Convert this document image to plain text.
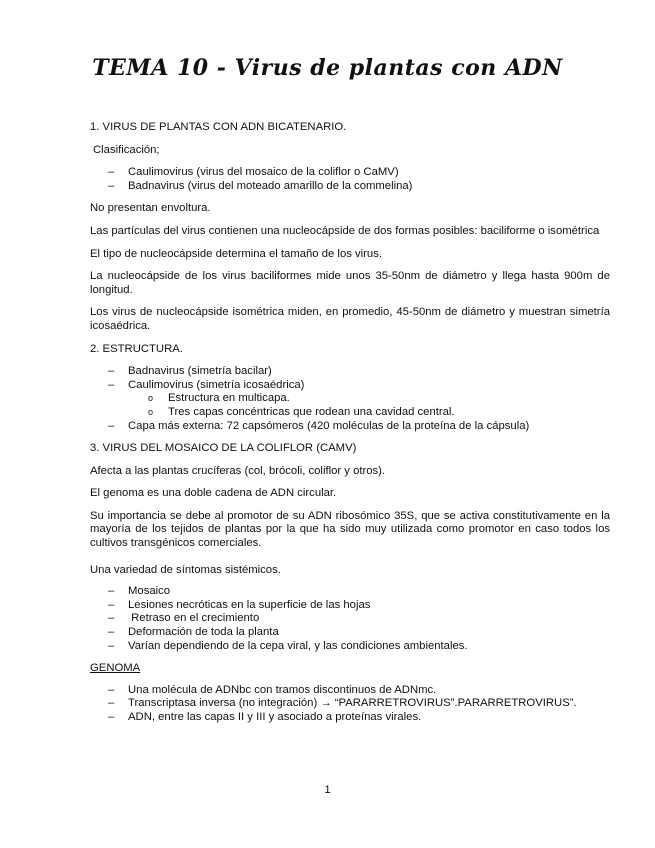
TEMA 10 - Virus de plantas con ADN

1. VIRUS DE PLANTAS CON ADN BICATENARIO.

Clasificación;

– Caulimovirus (virus del mosaico de la coliflor o CaMV)
– Badnavirus (virus del moteado amarillo de la commelina)

No presentan envoltura.

Las partículas del virus contienen una nucleocápside de dos formas posibles: baciliforme o isométrica

El tipo de nucleocápside determina el tamaño de los virus.

La nucleocápside de los virus baciliformes mide unos 35-50nm de diámetro y llega hasta 900m de longitud.

Los virus de nucleocápside isométrica miden, en promedio, 45-50nm de diámetro y muestran simetría icosaédrica.

2. ESTRUCTURA.

– Badnavirus (simetría bacilar)
– Caulimovirus (simetría icosaédrica)
o Estructura en multicapa.
o Tres capas concéntricas que rodean una cavidad central.
– Capa más externa: 72 capsómeros (420 moléculas de la proteína de la cápsula)

3. VIRUS DEL MOSAICO DE LA COLIFLOR (CAMV)

Afecta a las plantas crucíferas (col, brócoli, coliflor y otros).

El genoma es una doble cadena de ADN circular.

Su importancia se debe al promotor de su ADN ribosómico 35S, que se activa constitutivamente en la mayoría de los tejidos de plantas por la que ha sido muy utilizada como promotor en caso todos los cultivos transgénicos comerciales.

Una variedad de síntomas sistémicos.

– Mosaico
– Lesiones necróticas en la superficie de las hojas
– Retraso en el crecimiento
– Deformación de toda la planta
– Varían dependiendo de la cepa viral, y las condiciones ambientales.

GENOMA

– Una molécula de ADNbc con tramos discontinuos de ADNmc.
– Transcriptasa inversa (no integración) → “PARARRETROVIRUS”.PARARRETROVIRUS”.
– ADN, entre las capas II y III y asociado a proteínas virales.
1
